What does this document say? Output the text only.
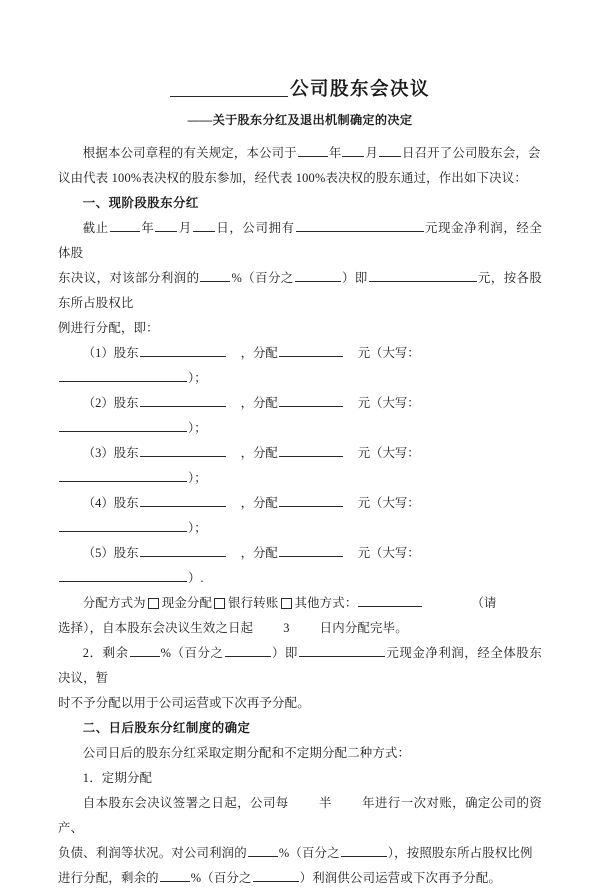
公司股东会决议
——关于股东分红及退出机制确定的决定

根据本公司章程的有关规定，本公司于	年 月 日召开了公司股东会，会

议由代表 100%表决权的股东参加，经代表 100%表决权的股东通过，作出如下决议：

一、现阶段股东分红

截止	年 月 日，公司拥有	元现金净利润，经全体股

东决议，对该部分利润的	%（百分之	）即	元，按各股东所占股权比

例进行分配，即：

（1）股东	，分配	元（大写：

）；

（2）股东	，分配	元（大写：

）；

（3）股东	，分配	元（大写：

）；

（4）股东	，分配	元（大写：

）；

（5）股东	，分配	元（大写：

）.

分配方式为 现金分配 银行转账 其他方式：	（请

选择），自本股东会决议生效之日起 3 日内分配完毕。

2．剩余	%（百分之	）即	元现金净利润，经全体股东决议，暂

时不予分配以用于公司运营或下次再予分配。

二、日后股东分红制度的确定

公司日后的股东分红采取定期分配和不定期分配二种方式：

1．定期分配

自本股东会决议签署之日起，公司每 半 年进行一次对账，确定公司的资产、

负债、利润等状况。对公司利润的	%（百分之	），按照股东所占股权比例

进行分配，剩余的	%（百分之	）利润供公司运营或下次再予分配。
